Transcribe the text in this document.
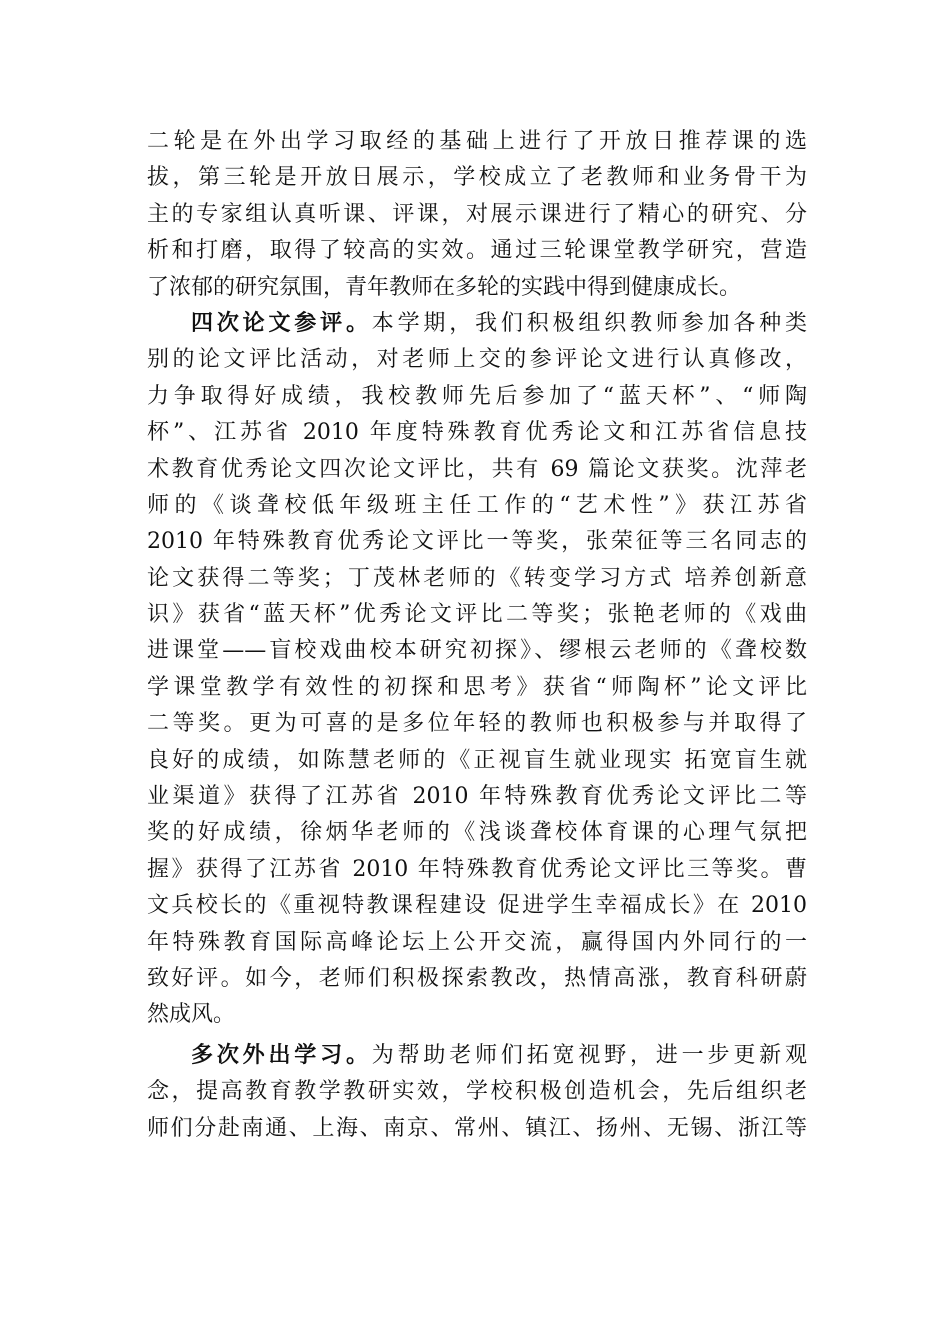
二轮是在外出学习取经的基础上进行了开放日推荐课的选
拔，第三轮是开放日展示，学校成立了老教师和业务骨干为
主的专家组认真听课、评课，对展示课进行了精心的研究、分
析和打磨，取得了较高的实效。通过三轮课堂教学研究，营造
了浓郁的研究氛围，青年教师在多轮的实践中得到健康成长。
四次论文参评。本学期，我们积极组织教师参加各种类
别的论文评比活动，对老师上交的参评论文进行认真修改，
力争取得好成绩，我校教师先后参加了“蓝天杯”、“师陶
杯”、江苏省 2010 年度特殊教育优秀论文和江苏省信息技
术教育优秀论文四次论文评比，共有 69 篇论文获奖。沈萍老
师的《谈聋校低年级班主任工作的“艺术性”》获江苏省
2010 年特殊教育优秀论文评比一等奖，张荣征等三名同志的
论文获得二等奖；丁茂林老师的《转变学习方式 培养创新意
识》获省“蓝天杯”优秀论文评比二等奖；张艳老师的《戏曲
进课堂——盲校戏曲校本研究初探》、缪根云老师的《聋校数
学课堂教学有效性的初探和思考》获省“师陶杯”论文评比
二等奖。更为可喜的是多位年轻的教师也积极参与并取得了
良好的成绩，如陈慧老师的《正视盲生就业现实 拓宽盲生就
业渠道》获得了江苏省 2010 年特殊教育优秀论文评比二等
奖的好成绩，徐炳华老师的《浅谈聋校体育课的心理气氛把
握》获得了江苏省 2010 年特殊教育优秀论文评比三等奖。曹
文兵校长的《重视特教课程建设 促进学生幸福成长》在 2010
年特殊教育国际高峰论坛上公开交流，赢得国内外同行的一
致好评。如今，老师们积极探索教改，热情高涨，教育科研蔚
然成风。
多次外出学习。为帮助老师们拓宽视野，进一步更新观
念，提高教育教学教研实效，学校积极创造机会，先后组织老
师们分赴南通、上海、南京、常州、镇江、扬州、无锡、浙江等
